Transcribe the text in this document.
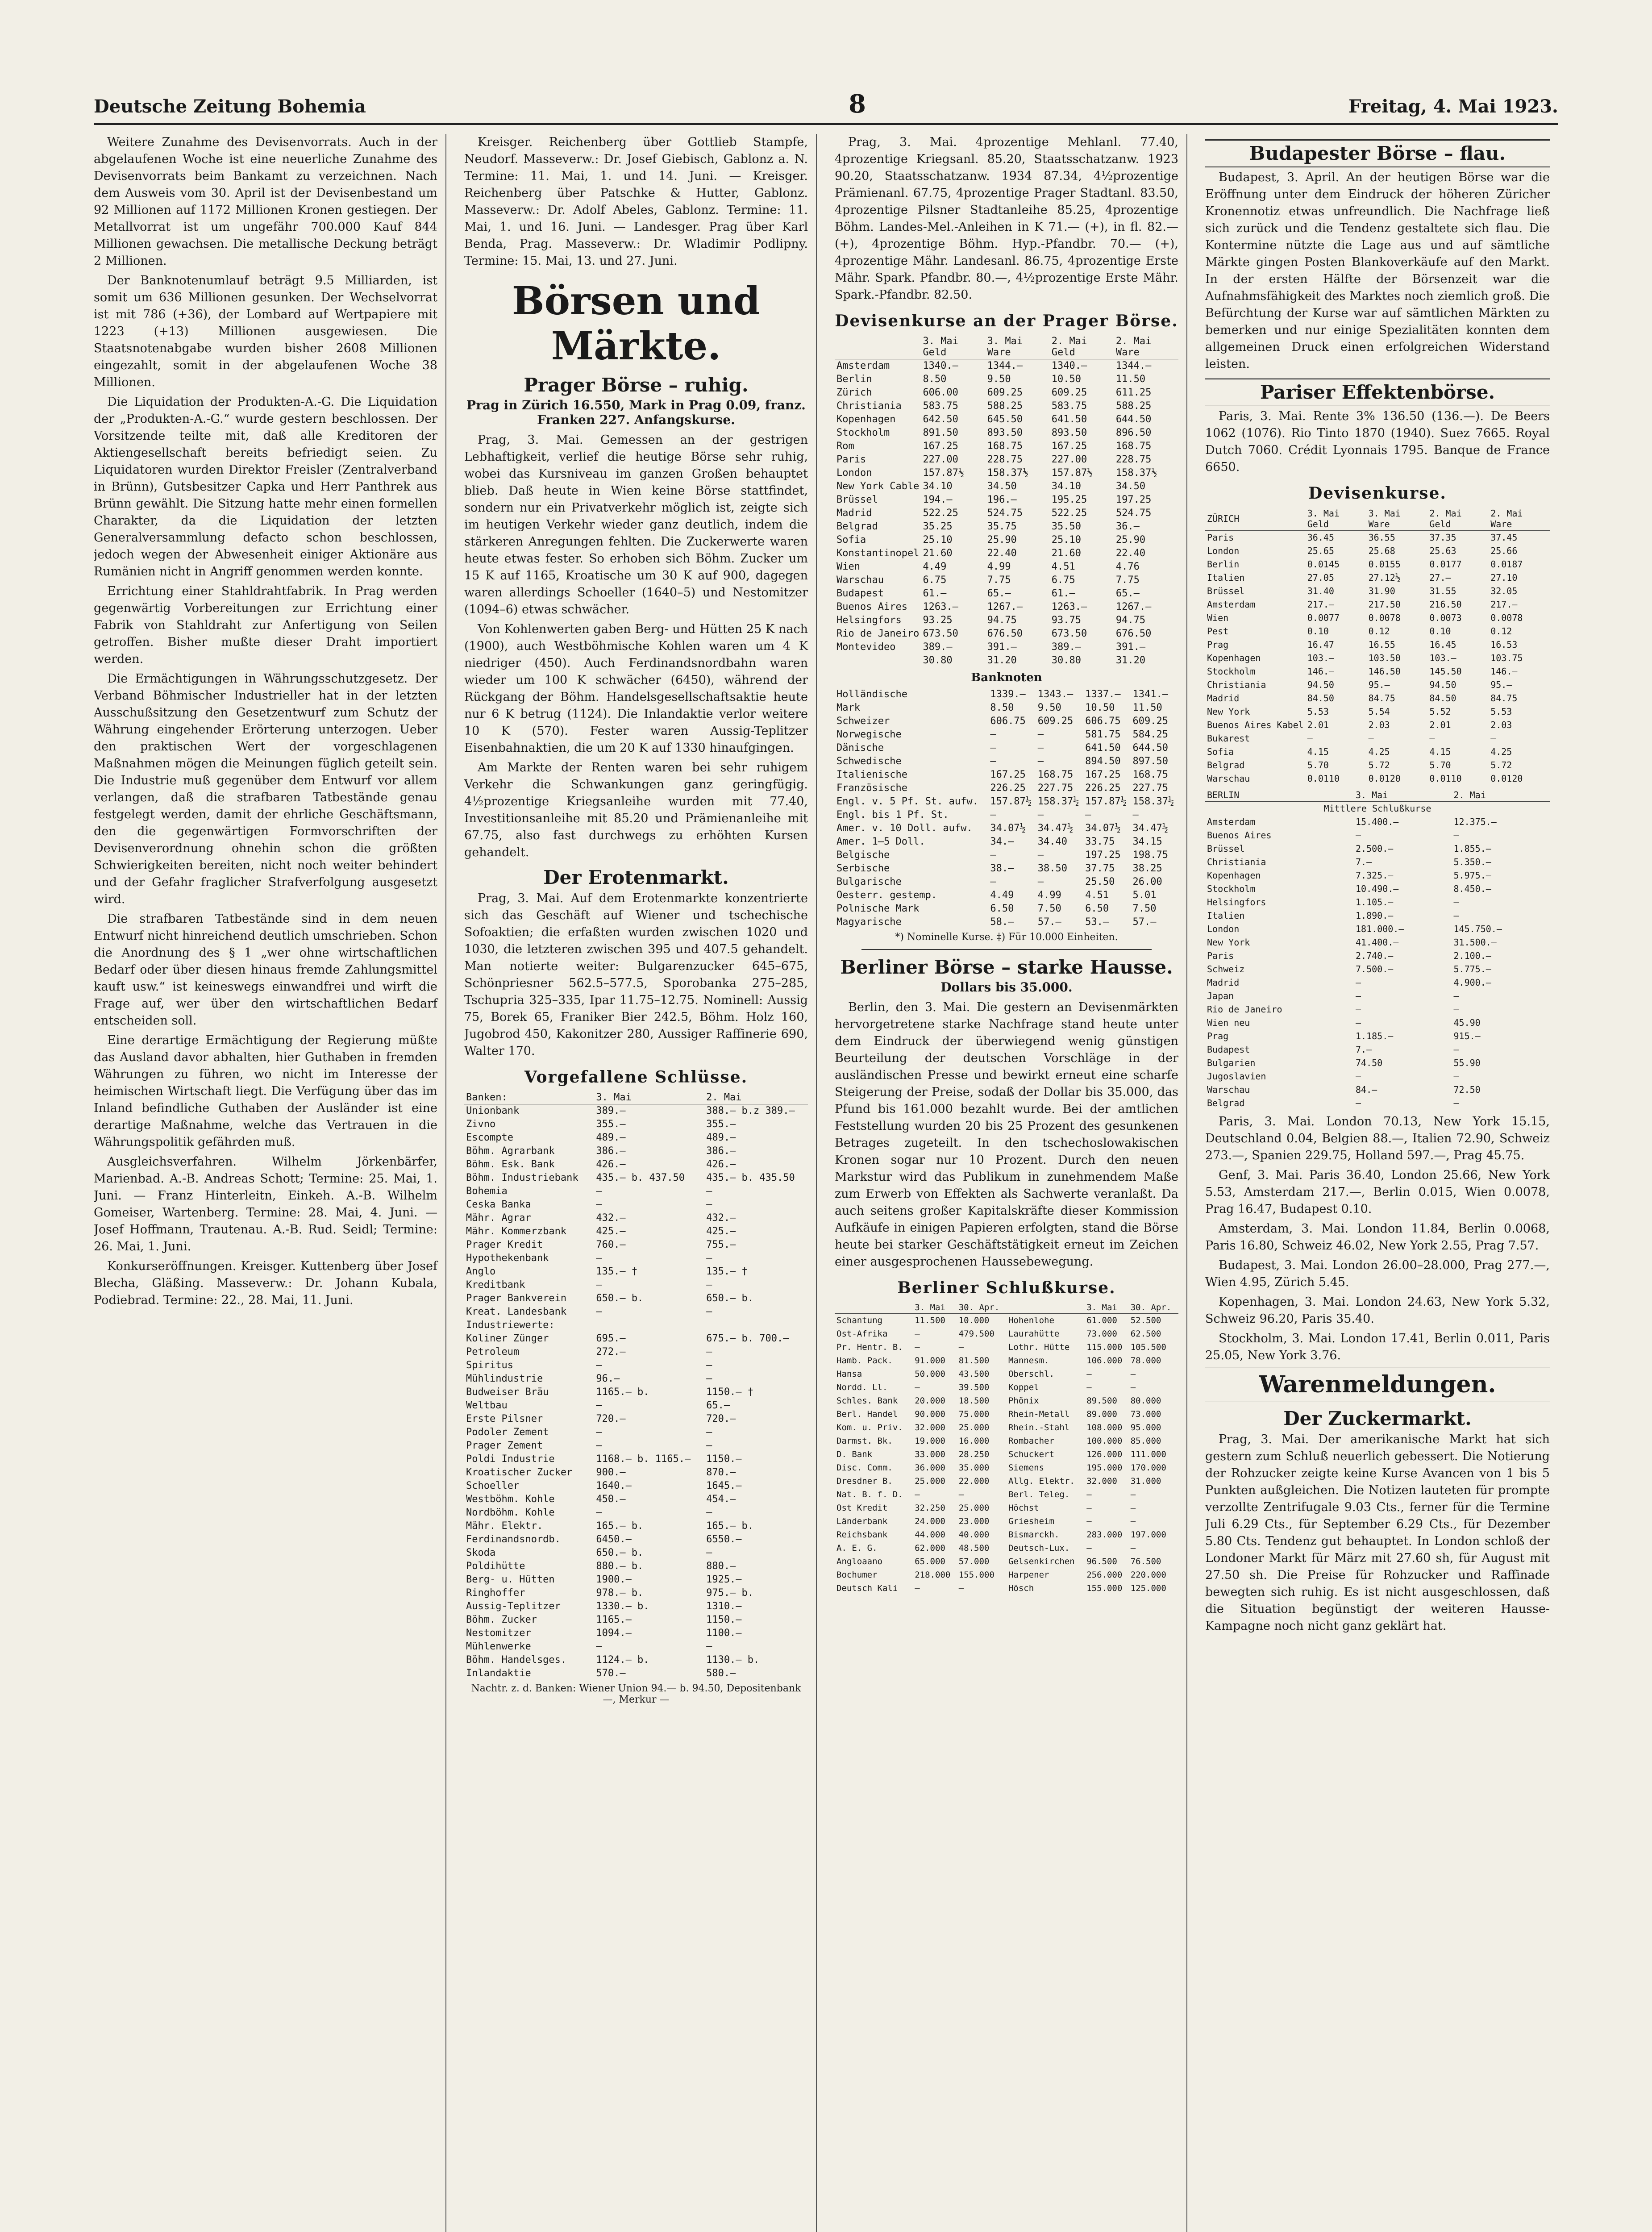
Deutsche Zeitung Bohemia	8	Freitag, 4. Mai 1923.

Weitere Zunahme des Devisenvorrats. Auch in der abgelaufenen Woche ist eine neuerliche Zunahme des Devisenvorrats beim Bankamt zu verzeichnen. Nach dem Ausweis vom 30. April ist der Devisenbestand um 92 Millionen auf 1172 Millionen Kronen gestiegen. Der Metallvorrat ist um ungefähr 700.000 Kauf 844 Millionen gewachsen. Die metallische Deckung beträgt 2 Millionen.

Der Banknotenumlauf beträgt 9.5 Milliarden, ist somit um 636 Millionen gesunken. Der Wechselvorrat ist mit 786 (+36), der Lombard auf Wertpapiere mit 1223 (+13) Millionen ausgewiesen. Die Staatsnotenabgabe wurden bisher 2608 Millionen eingezahlt, somit in der abgelaufenen Woche 38 Millionen.

Die Liquidation der Produkten-A.-G. Die Liquidation der „Produkten-A.-G.“ wurde gestern beschlossen. Der Vorsitzende teilte mit, daß alle Kreditoren der Aktiengesellschaft bereits befriedigt seien. Zu Liquidatoren wurden Direktor Freisler (Zentralverband in Brünn), Gutsbesitzer Capka und Herr Panthrek aus Brünn gewählt. Die Sitzung hatte mehr einen formellen Charakter, da die Liquidation der letzten Generalversammlung defacto schon beschlossen, jedoch wegen der Abwesenheit einiger Aktionäre aus Rumänien nicht in Angriff genommen werden konnte.

Errichtung einer Stahldrahtfabrik. In Prag werden gegenwärtig Vorbereitungen zur Errichtung einer Fabrik von Stahldraht zur Anfertigung von Seilen getroffen. Bisher mußte dieser Draht importiert werden.

Die Ermächtigungen in Währungsschutzgesetz. Der Verband Böhmischer Industrieller hat in der letzten Ausschußsitzung den Gesetzentwurf zum Schutz der Währung eingehender Erörterung unterzogen. Ueber den praktischen Wert der vorgeschlagenen Maßnahmen mögen die Meinungen füglich geteilt sein. Die Industrie muß gegenüber dem Entwurf vor allem verlangen, daß die strafbaren Tatbestände genau festgelegt werden, damit der ehrliche Geschäftsmann, den die gegenwärtigen Formvorschriften der Devisenverordnung ohnehin schon die größten Schwierigkeiten bereiten, nicht noch weiter behindert und der Gefahr fraglicher Strafverfolgung ausgesetzt wird.

Die strafbaren Tatbestände sind in dem neuen Entwurf nicht hinreichend deutlich umschrieben. Schon die Anordnung des § 1 „wer ohne wirtschaftlichen Bedarf oder über diesen hinaus fremde Zahlungsmittel kauft usw.“ ist keineswegs einwandfrei und wirft die Frage auf, wer über den wirtschaftlichen Bedarf entscheiden soll.

Eine derartige Ermächtigung der Regierung müßte das Ausland davor abhalten, hier Guthaben in fremden Währungen zu führen, wo nicht im Interesse der heimischen Wirtschaft liegt. Die Verfügung über das im Inland befindliche Guthaben der Ausländer ist eine derartige Maßnahme, welche das Vertrauen in die Währungspolitik gefährden muß.

Ausgleichsverfahren. Wilhelm Jörkenbärfer, Marienbad. A.-B. Andreas Schott; Termine: 25. Mai, 1. Juni. — Franz Hinterleitn, Einkeh. A.-B. Wilhelm Gomeiser, Wartenberg. Termine: 28. Mai, 4. Juni. — Josef Hoffmann, Trautenau. A.-B. Rud. Seidl; Termine: 26. Mai, 1. Juni.

Konkurseröffnungen. Kreisger. Kuttenberg über Josef Blecha, Gläßing. Masseverw.: Dr. Johann Kubala, Podiebrad. Termine: 22., 28. Mai, 11. Juni.

Kreisger. Reichenberg über Gottlieb Stampfe, Neudorf. Masseverw.: Dr. Josef Giebisch, Gablonz a. N. Termine: 11. Mai, 1. und 14. Juni. — Kreisger. Reichenberg über Patschke & Hutter, Gablonz. Masseverw.: Dr. Adolf Abeles, Gablonz. Termine: 11. Mai, 1. und 16. Juni. — Landesger. Prag über Karl Benda, Prag. Masseverw.: Dr. Wladimir Podlipny. Termine: 15. Mai, 13. und 27. Juni.

Börsen und Märkte.
Prager Börse – ruhig.
Prag in Zürich 16.550, Mark in Prag 0.09, franz. Franken 227. Anfangskurse.

Prag, 3. Mai. Gemessen an der gestrigen Lebhaftigkeit, verlief die heutige Börse sehr ruhig, wobei das Kursniveau im ganzen Großen behauptet blieb. Daß heute in Wien keine Börse stattfindet, sondern nur ein Privatverkehr möglich ist, zeigte sich im heutigen Verkehr wieder ganz deutlich, indem die stärkeren Anregungen fehlten. Die Zuckerwerte waren heute etwas fester. So erhoben sich Böhm. Zucker um 15 K auf 1165, Kroatische um 30 K auf 900, dagegen waren allerdings Schoeller (1640–5) und Nestomitzer (1094–6) etwas schwächer.

Von Kohlenwerten gaben Berg- und Hütten 25 K nach (1900), auch Westböhmische Kohlen waren um 4 K niedriger (450). Auch Ferdinandsnordbahn waren wieder um 100 K schwächer (6450), während der Rückgang der Böhm. Handelsgesellschaftsaktie heute nur 6 K betrug (1124). Die Inlandaktie verlor weitere 10 K (570). Fester waren Aussig-Teplitzer Eisenbahnaktien, die um 20 K auf 1330 hinaufgingen.

Am Markte der Renten waren bei sehr ruhigem Verkehr die Schwankungen ganz geringfügig. 4½prozentige Kriegsanleihe wurden mit 77.40, Investitionsanleihe mit 85.20 und Prämienanleihe mit 67.75, also fast durchwegs zu erhöhten Kursen gehandelt.

Der Erotenmarkt.

Prag, 3. Mai. Auf dem Erotenmarkte konzentrierte sich das Geschäft auf Wiener und tschechische Sofoaktien; die erfaßten wurden zwischen 1020 und 1030, die letzteren zwischen 395 und 407.5 gehandelt. Man notierte weiter: Bulgarenzucker 645–675, Schönpriesner 562.5–577.5, Sporobanka 275–285, Tschupria 325–335, Ipar 11.75–12.75. Nominell: Aussig 75, Borek 65, Franiker Bier 242.5, Böhm. Holz 160, Jugobrod 450, Kakonitzer 280, Aussiger Raffinerie 690, Walter 170.

Vorgefallene Schlüsse.
Banken:	3. Mai	2. Mai
Unionbank	389.—	388.— b.z 389.—
Zivno	355.—	355.—
Escompte	489.—	489.—
Böhm. Agrarbank	386.—	386.—
Böhm. Esk. Bank	426.—	426.—
Böhm. Industriebank	435.— b. 437.50	435.— b. 435.50
Bohemia	—	—
Ceska Banka	—	—
Mähr. Agrar	432.—	432.—
Mähr. Kommerzbank	425.—	425.—
Prager Kredit	760.—	755.—
Hypothekenbank	—	—
Anglo	135.— †	135.— †
Kreditbank	—	—
Prager Bankverein	650.— b.	650.— b.
Kreat. Landesbank	—	—
Industriewerte:		
Koliner Zünger	695.—	675.— b. 700.—
Petroleum	272.—	—
Spiritus	—	—
Mühlindustrie	96.—	—
Budweiser Bräu	1165.— b.	1150.— †
Weltbau	—	65.—
Erste Pilsner	720.—	720.—
Podoler Zement	—	—
Prager Zement	—	—
Poldi Industrie	1168.— b. 1165.—	1150.—
Kroatischer Zucker	900.—	870.—
Schoeller	1640.—	1645.—
Westböhm. Kohle	450.—	454.—
Nordböhm. Kohle	—	—
Mähr. Elektr.	165.— b.	165.— b.
Ferdinandsnordb.	6450.—	6550.—
Skoda	650.— b.	—
Poldihütte	880.— b.	880.—
Berg- u. Hütten	1900.—	1925.—
Ringhoffer	978.— b.	975.— b.
Aussig-Teplitzer	1330.— b.	1310.—
Böhm. Zucker	1165.—	1150.—
Nestomitzer	1094.—	1100.—
Mühlenwerke	—	—
Böhm. Handelsges.	1124.— b.	1130.— b.
Inlandaktie	570.—	580.—

Nachtr. z. d. Banken: Wiener Union 94.— b. 94.50, Depositenbank —, Merkur —

Prag, 3. Mai. 4prozentige Mehlanl. 77.40, 4prozentige Kriegsanl. 85.20, Staatsschatzanw. 1923 90.20, Staatsschatzanw. 1934 87.34, 4½prozentige Prämienanl. 67.75, 4prozentige Prager Stadtanl. 83.50, 4prozentige Pilsner Stadtanleihe 85.25, 4prozentige Böhm. Landes-Mel.-Anleihen in K 71.— (+), in fl. 82.— (+), 4prozentige Böhm. Hyp.-Pfandbr. 70.— (+), 4prozentige Mähr. Landesanl. 86.75, 4prozentige Erste Mähr. Spark. Pfandbr. 80.—, 4½prozentige Erste Mähr. Spark.-Pfandbr. 82.50.

Devisenkurse an der Prager Börse.
	3. Mai Geld	3. Mai Ware	2. Mai Geld	2. Mai Ware
Amsterdam	1340.—	1344.—	1340.—	1344.—
Berlin	8.50	9.50	10.50	11.50
Zürich	606.00	609.25	609.25	611.25
Christiania	583.75	588.25	583.75	588.25
Kopenhagen	642.50	645.50	641.50	644.50
Stockholm	891.50	893.50	893.50	896.50
Rom	167.25	168.75	167.25	168.75
Paris	227.00	228.75	227.00	228.75
London	157.87½	158.37½	157.87½	158.37½
New York Cable	34.10	34.50	34.10	34.50
Brüssel	194.—	196.—	195.25	197.25
Madrid	522.25	524.75	522.25	524.75
Belgrad	35.25	35.75	35.50	36.—
Sofia	25.10	25.90	25.10	25.90
Konstantinopel	21.60	22.40	21.60	22.40
Wien	4.49	4.99	4.51	4.76
Warschau	6.75	7.75	6.75	7.75
Budapest	61.—	65.—	61.—	65.—
Buenos Aires	1263.—	1267.—	1263.—	1267.—
Helsingfors	93.25	94.75	93.75	94.75
Rio de Janeiro	673.50	676.50	673.50	676.50
Montevideo	389.—	391.—	389.—	391.—
	30.80	31.20	30.80	31.20
Banknoten
Holländische	1339.—	1343.—	1337.—	1341.—
Mark	8.50	9.50	10.50	11.50
Schweizer	606.75	609.25	606.75	609.25
Norwegische	—	—	581.75	584.25
Dänische	—	—	641.50	644.50
Schwedische	—	—	894.50	897.50
Italienische	167.25	168.75	167.25	168.75
Französische	226.25	227.75	226.25	227.75
Engl. v. 5 Pf. St. aufw.	157.87½	158.37½	157.87½	158.37½
Engl. bis 1 Pf. St.	—	—	—	—
Amer. v. 10 Doll. aufw.	34.07½	34.47½	34.07½	34.47½
Amer. 1–5 Doll.	34.—	34.40	33.75	34.15
Belgische	—	—	197.25	198.75
Serbische	38.—	38.50	37.75	38.25
Bulgarische	—	—	25.50	26.00
Oesterr. gestemp.	4.49	4.99	4.51	5.01
Polnische Mark	6.50	7.50	6.50	7.50
Magyarische	58.—	57.—	53.—	57.—

*) Nominelle Kurse. ‡) Für 10.000 Einheiten.

Berliner Börse – starke Hausse.
Dollars bis 35.000.

Berlin, den 3. Mai. Die gestern an Devisenmärkten hervorgetretene starke Nachfrage stand heute unter dem Eindruck der überwiegend wenig günstigen Beurteilung der deutschen Vorschläge in der ausländischen Presse und bewirkt erneut eine scharfe Steigerung der Preise, sodaß der Dollar bis 35.000, das Pfund bis 161.000 bezahlt wurde. Bei der amtlichen Feststellung wurden 20 bis 25 Prozent des gesunkenen Betrages zugeteilt. In den tschechoslowakischen Kronen sogar nur 10 Prozent. Durch den neuen Markstur wird das Publikum in zunehmendem Maße zum Erwerb von Effekten als Sachwerte veranlaßt. Da auch seitens großer Kapitalskräfte dieser Kommission Aufkäufe in einigen Papieren erfolgten, stand die Börse heute bei starker Geschäftstätigkeit erneut im Zeichen einer ausgesprochenen Haussebewegung.

Berliner Schlußkurse.
	3. Mai	30. Apr.		3. Mai	30. Apr.
Schantung	11.500	10.000	Hohenlohe	61.000	52.500
Ost-Afrika	—	479.500	Laurahütte	73.000	62.500
Pr. Hentr. B.	—	—	Lothr. Hütte	115.000	105.500
Hamb. Pack.	91.000	81.500	Mannesm.	106.000	78.000
Hansa	50.000	43.500	Oberschl.	—	—
Nordd. Ll.	—	39.500	Koppel	—	—
Schles. Bank	20.000	18.500	Phönix	89.500	80.000
Berl. Handel	90.000	75.000	Rhein-Metall	89.000	73.000
Kom. u. Priv.	32.000	25.000	Rhein.-Stahl	108.000	95.000
Darmst. Bk.	19.000	16.000	Rombacher	100.000	85.000
D. Bank	33.000	28.250	Schuckert	126.000	111.000
Disc. Comm.	36.000	35.000	Siemens	195.000	170.000
Dresdner B.	25.000	22.000	Allg. Elektr.	32.000	31.000
Nat. B. f. D.	—	—	Berl. Teleg.	—	—
Ost Kredit	32.250	25.000	Höchst	—	—
Länderbank	24.000	23.000	Griesheim	—	—
Reichsbank	44.000	40.000	Bismarckh.	283.000	197.000
A. E. G.	62.000	48.500	Deutsch-Lux.	—	—
Angloaano	65.000	57.000	Gelsenkirchen	96.500	76.500
Bochumer	218.000	155.000	Harpener	256.000	220.000
Deutsch Kali	—	—	Hösch	155.000	125.000
Budapester Börse – flau.

Budapest, 3. April. An der heutigen Börse war die Eröffnung unter dem Eindruck der höheren Züricher Kronennotiz etwas unfreundlich. Die Nachfrage ließ sich zurück und die Tendenz gestaltete sich flau. Die Kontermine nützte die Lage aus und auf sämtliche Märkte gingen Posten Blankoverkäufe auf den Markt. In der ersten Hälfte der Börsenzeit war die Aufnahmsfähigkeit des Marktes noch ziemlich groß. Die Befürchtung der Kurse war auf sämtlichen Märkten zu bemerken und nur einige Spezialitäten konnten dem allgemeinen Druck einen erfolgreichen Widerstand leisten.

Pariser Effektenbörse.

Paris, 3. Mai. Rente 3% 136.50 (136.—). De Beers 1062 (1076). Rio Tinto 1870 (1940). Suez 7665. Royal Dutch 7060. Crédit Lyonnais 1795. Banque de France 6650.

Devisenkurse.
ZÜRICH	3. Mai Geld	3. Mai Ware	2. Mai Geld	2. Mai Ware
Paris	36.45	36.55	37.35	37.45
London	25.65	25.68	25.63	25.66
Berlin	0.0145	0.0155	0.0177	0.0187
Italien	27.05	27.12½	27.—	27.10
Brüssel	31.40	31.90	31.55	32.05
Amsterdam	217.—	217.50	216.50	217.—
Wien	0.0077	0.0078	0.0073	0.0078
Pest	0.10	0.12	0.10	0.12
Prag	16.47	16.55	16.45	16.53
Kopenhagen	103.—	103.50	103.—	103.75
Stockholm	146.—	146.50	145.50	146.—
Christiania	94.50	95.—	94.50	95.—
Madrid	84.50	84.75	84.50	84.75
New York	5.53	5.54	5.52	5.53
Buenos Aires Kabel	2.01	2.03	2.01	2.03
Bukarest	—	—	—	—
Sofia	4.15	4.25	4.15	4.25
Belgrad	5.70	5.72	5.70	5.72
Warschau	0.0110	0.0120	0.0110	0.0120
BERLIN	3. Mai	2. Mai
Mittlere Schlußkurse		
Amsterdam	15.400.—	12.375.—
Buenos Aires	—	—
Brüssel	2.500.—	1.855.—
Christiania	7.—	5.350.—
Kopenhagen	7.325.—	5.975.—
Stockholm	10.490.—	8.450.—
Helsingfors	1.105.—	—
Italien	1.890.—	—
London	181.000.—	145.750.—
New York	41.400.—	31.500.—
Paris	2.740.—	2.100.—
Schweiz	7.500.—	5.775.—
Madrid	—	4.900.—
Japan	—	—
Rio de Janeiro	—	—
Wien neu	—	45.90
Prag	1.185.—	915.—
Budapest	7.—	—
Bulgarien	74.50	55.90
Jugoslavien	—	—
Warschau	84.—	72.50
Belgrad	—	—

Paris, 3. Mai. London 70.13, New York 15.15, Deutschland 0.04, Belgien 88.—, Italien 72.90, Schweiz 273.—, Spanien 229.75, Holland 597.—, Prag 45.75.

Genf, 3. Mai. Paris 36.40, London 25.66, New York 5.53, Amsterdam 217.—, Berlin 0.015, Wien 0.0078, Prag 16.47, Budapest 0.10.

Amsterdam, 3. Mai. London 11.84, Berlin 0.0068, Paris 16.80, Schweiz 46.02, New York 2.55, Prag 7.57.

Budapest, 3. Mai. London 26.00–28.000, Prag 277.—, Wien 4.95, Zürich 5.45.

Kopenhagen, 3. Mai. London 24.63, New York 5.32, Schweiz 96.20, Paris 35.40.

Stockholm, 3. Mai. London 17.41, Berlin 0.011, Paris 25.05, New York 3.76.

Warenmeldungen.
Der Zuckermarkt.

Prag, 3. Mai. Der amerikanische Markt hat sich gestern zum Schluß neuerlich gebessert. Die Notierung der Rohzucker zeigte keine Kurse Avancen von 1 bis 5 Punkten außgleichen. Die Notizen lauteten für prompte verzollte Zentrifugale 9.03 Cts., ferner für die Termine Juli 6.29 Cts., für September 6.29 Cts., für Dezember 5.80 Cts. Tendenz gut behauptet. In London schloß der Londoner Markt für März mit 27.60 sh, für August mit 27.50 sh. Die Preise für Rohzucker und Raffinade bewegten sich ruhig. Es ist nicht ausgeschlossen, daß die Situation begünstigt der weiteren Hausse-Kampagne noch nicht ganz geklärt hat.
